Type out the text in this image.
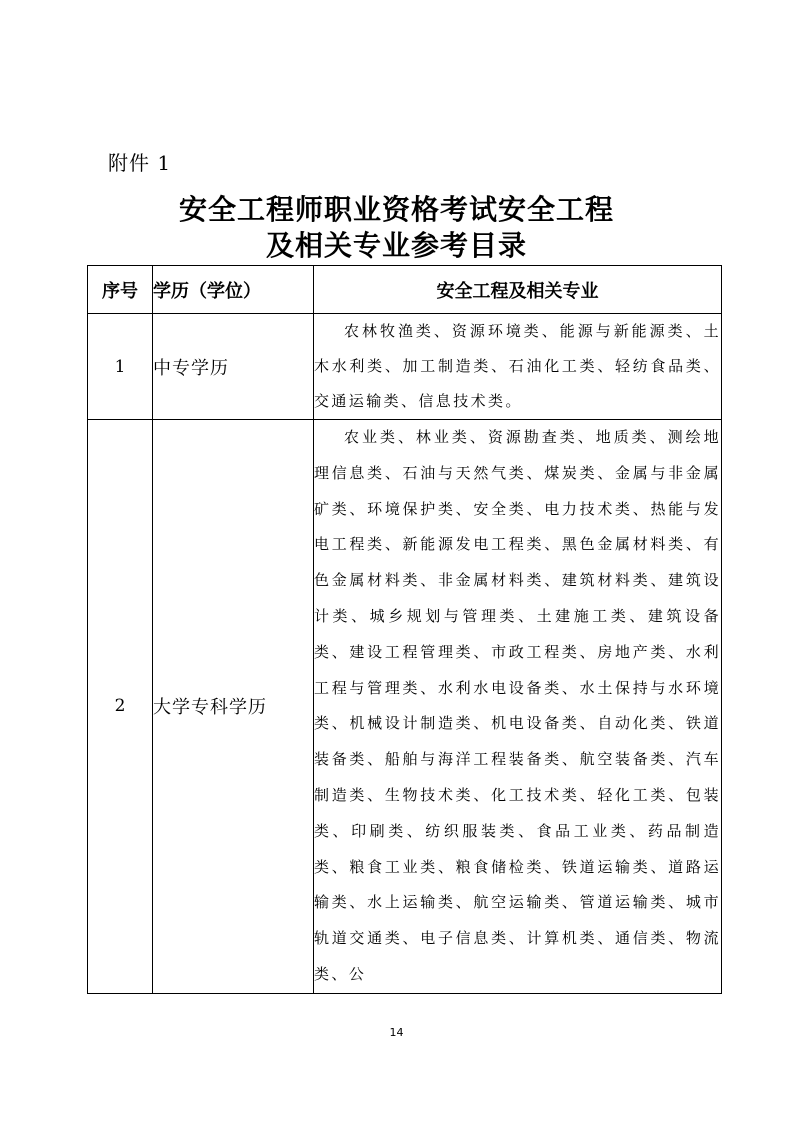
附件 1
安全工程师职业资格考试安全工程
及相关专业参考目录
序号	学历（学位）	安全工程及相关专业
1	中专学历	农林牧渔类、资源环境类、能源与新能源类、土木水利类、加工制造类、石油化工类、轻纺食品类、交通运输类、信息技术类。

2	大学专科学历	农业类、林业类、资源勘查类、地质类、测绘地理信息类、石油与天然气类、煤炭类、金属与非金属矿类、环境保护类、安全类、电力技术类、热能与发电工程类、新能源发电工程类、黑色金属材料类、有色金属材料类、非金属材料类、建筑材料类、建筑设计类、城乡规划与管理类、土建施工类、建筑设备类、建设工程管理类、市政工程类、房地产类、水利工程与管理类、水利水电设备类、水土保持与水环境类、机械设计制造类、机电设备类、自动化类、铁道装备类、船舶与海洋工程装备类、航空装备类、汽车制造类、生物技术类、化工技术类、轻化工类、包装类、印刷类、纺织服装类、食品工业类、药品制造类、粮食工业类、粮食储检类、铁道运输类、道路运输类、水上运输类、航空运输类、管道运输类、城市轨道交通类、电子信息类、计算机类、通信类、物流类、公
14
